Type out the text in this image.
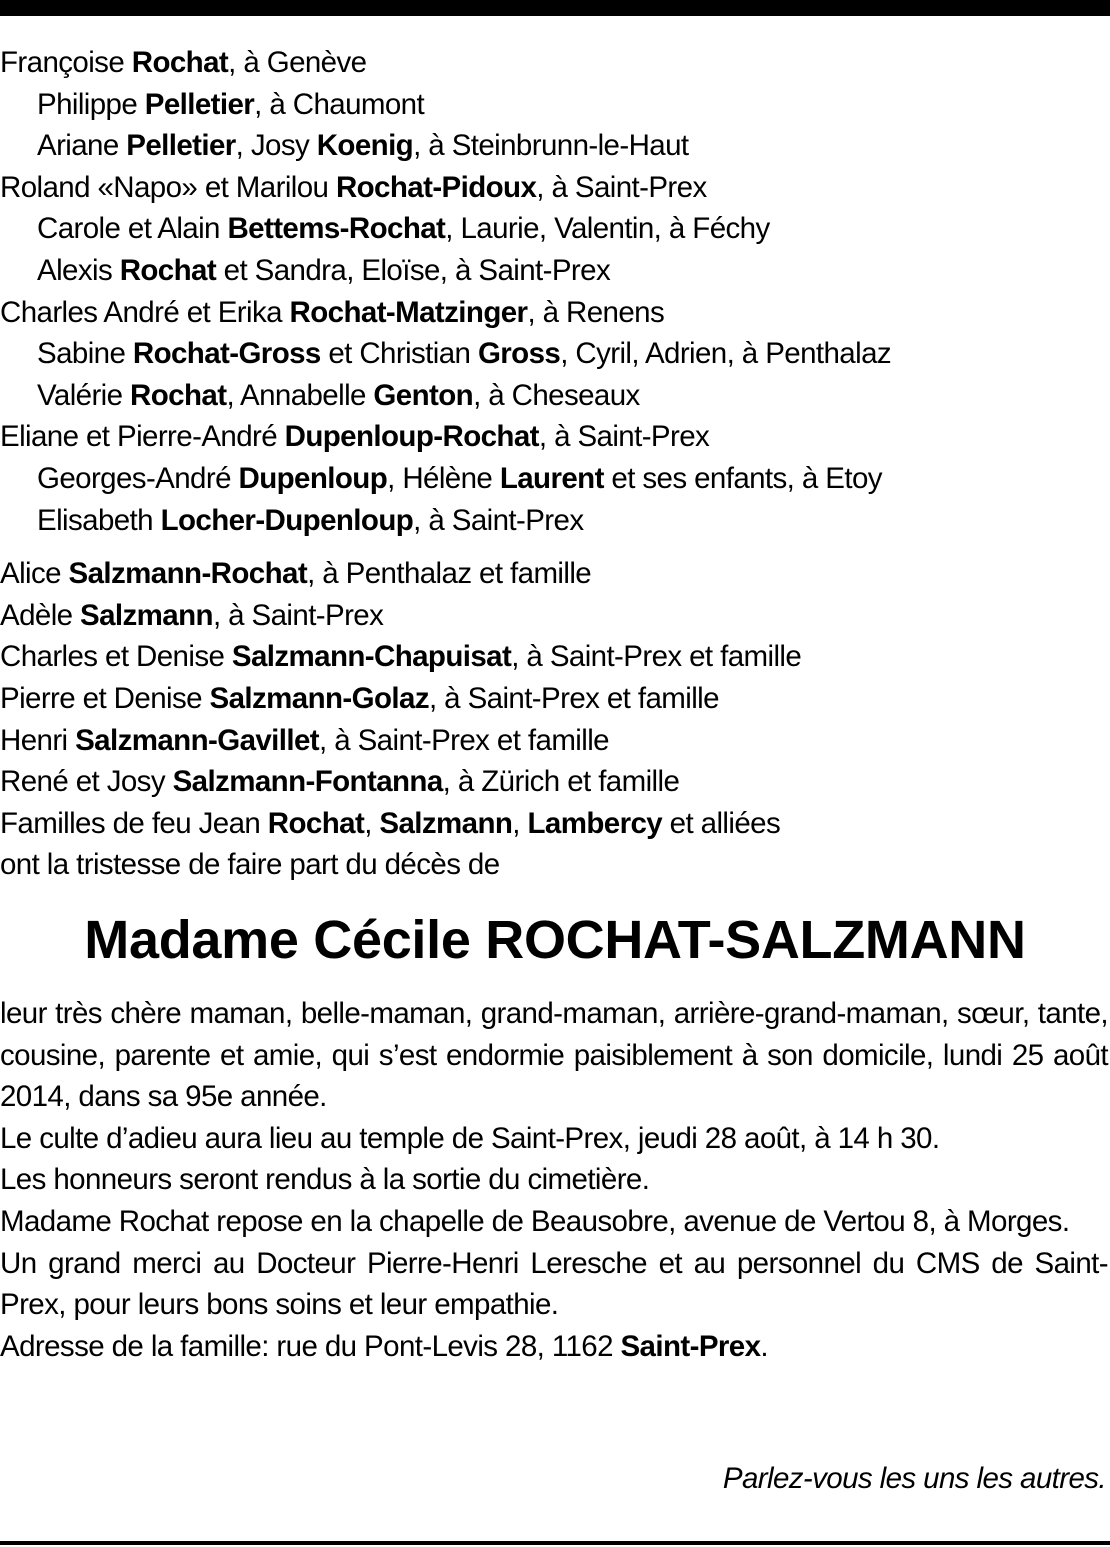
Françoise Rochat, à Genève
Philippe Pelletier, à Chaumont
Ariane Pelletier, Josy Koenig, à Steinbrunn-le-Haut
Roland «Napo» et Marilou Rochat-Pidoux, à Saint-Prex
Carole et Alain Bettems-Rochat, Laurie, Valentin, à Féchy
Alexis Rochat et Sandra, Eloïse, à Saint-Prex
Charles André et Erika Rochat-Matzinger, à Renens
Sabine Rochat-Gross et Christian Gross, Cyril, Adrien, à Penthalaz
Valérie Rochat, Annabelle Genton, à Cheseaux
Eliane et Pierre-André Dupenloup-Rochat, à Saint-Prex
Georges-André Dupenloup, Hélène Laurent et ses enfants, à Etoy
Elisabeth Locher-Dupenloup, à Saint-Prex
Alice Salzmann-Rochat, à Penthalaz et famille
Adèle Salzmann, à Saint-Prex
Charles et Denise Salzmann-Chapuisat, à Saint-Prex et famille
Pierre et Denise Salzmann-Golaz, à Saint-Prex et famille
Henri Salzmann-Gavillet, à Saint-Prex et famille
René et Josy Salzmann-Fontanna, à Zürich et famille
Familles de feu Jean Rochat, Salzmann, Lambercy et alliées
ont la tristesse de faire part du décès de
Madame Cécile ROCHAT-SALZMANN
leur très chère maman, belle-maman, grand-maman, arrière-grand-maman, sœur, tante, cousine, parente et amie, qui s’est endormie paisiblement à son domicile, lundi 25 août 2014, dans sa 95e année.
Le culte d’adieu aura lieu au temple de Saint-Prex, jeudi 28 août, à 14 h 30.
Les honneurs seront rendus à la sortie du cimetière.
Madame Rochat repose en la chapelle de Beausobre, avenue de Vertou 8, à Morges.
Un grand merci au Docteur Pierre-Henri Leresche et au personnel du CMS de Saint-Prex, pour leurs bons soins et leur empathie.
Adresse de la famille: rue du Pont-Levis 28, 1162 Saint-Prex.
Parlez-vous les uns les autres.
